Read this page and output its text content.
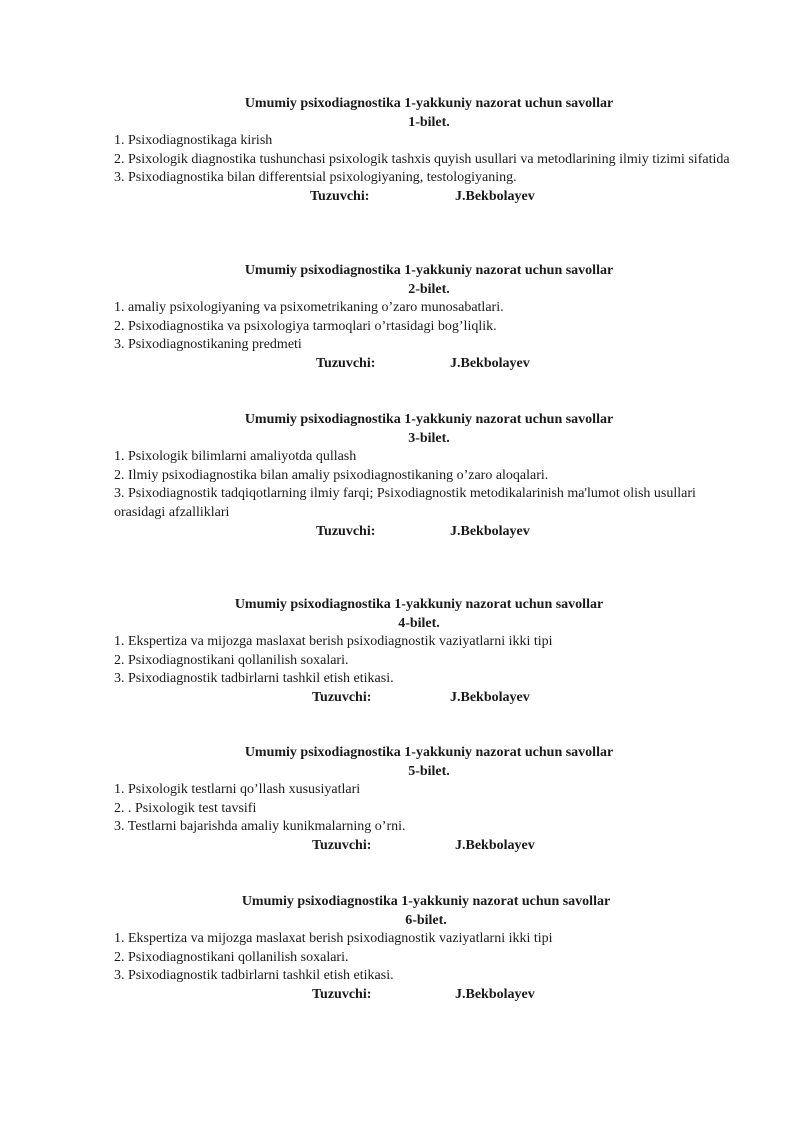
Umumiy psixodiagnostika 1-yakkuniy nazorat uchun savollar
1-bilet.
1. Psixodiagnostikaga kirish
2. Psixologik diagnostika tushunchasi psixologik tashxis quyish usullari va metodlarining ilmiy tizimi sifatida
3. Psixodiagnostika bilan differentsial psixologiyaning, testologiyaning.

Tuzuvchi:

	J.Bekbolayev

Umumiy psixodiagnostika 1-yakkuniy nazorat uchun savollar
2-bilet.
1. amaliy psixologiyaning va psixometrikaning o’zaro munosabatlari.
2. Psixodiagnostika va psixologiya tarmoqlari o’rtasidagi bog’liqlik.
3. Psixodiagnostikaning predmeti

Tuzuvchi:

	J.Bekbolayev

Umumiy psixodiagnostika 1-yakkuniy nazorat uchun savollar
3-bilet.
1. Psixologik bilimlarni amaliyotda qullash
2. Ilmiy psixodiagnostika bilan amaliy psixodiagnostikaning o’zaro aloqalari.
3. Psixodiagnostik tadqiqotlarning ilmiy farqi; Psixodiagnostik metodikalarinish ma'lumot olish usullari orasidagi afzalliklari

Tuzuvchi:

	J.Bekbolayev

Umumiy psixodiagnostika 1-yakkuniy nazorat uchun savollar
4-bilet.
1. Ekspertiza va mijozga maslaxat berish psixodiagnostik vaziyatlarni ikki tipi
2. Psixodiagnostikani qollanilish soxalari.
3. Psixodiagnostik tadbirlarni tashkil etish etikasi.

Tuzuvchi:

	J.Bekbolayev

Umumiy psixodiagnostika 1-yakkuniy nazorat uchun savollar
5-bilet.
1. Psixologik testlarni qo’llash xususiyatlari
2. . Psixologik test tavsifi
3. Testlarni bajarishda amaliy kunikmalarning o’rni.

Tuzuvchi:

	J.Bekbolayev

Umumiy psixodiagnostika 1-yakkuniy nazorat uchun savollar
6-bilet.
1. Ekspertiza va mijozga maslaxat berish psixodiagnostik vaziyatlarni ikki tipi
2. Psixodiagnostikani qollanilish soxalari.
3. Psixodiagnostik tadbirlarni tashkil etish etikasi.

Tuzuvchi:

	J.Bekbolayev
